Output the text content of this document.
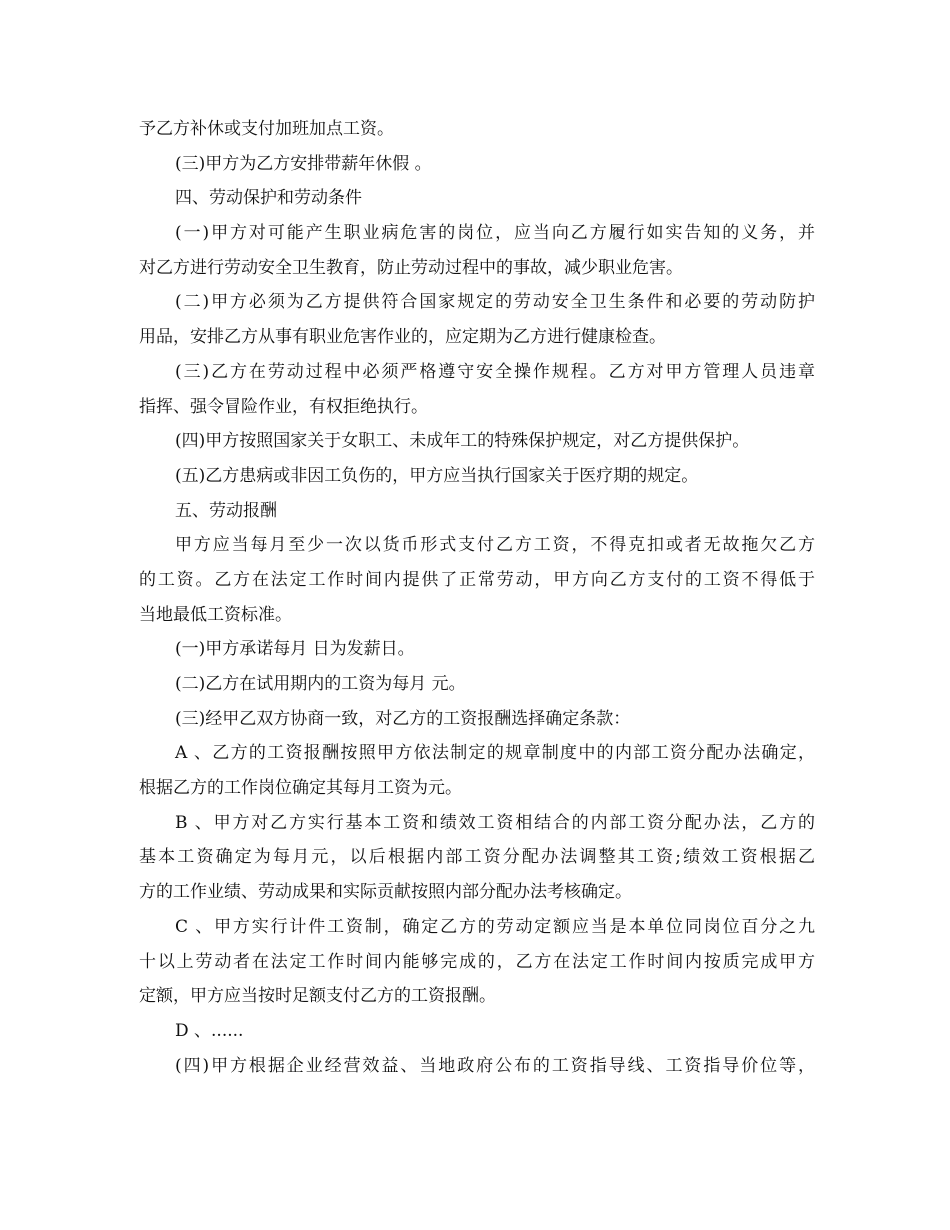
予乙方补休或支付加班加点工资。
(三)甲方为乙方安排带薪年休假 。
四、劳动保护和劳动条件
(一)甲方对可能产生职业病危害的岗位，应当向乙方履行如实告知的义务，并
对乙方进行劳动安全卫生教育，防止劳动过程中的事故，减少职业危害。
(二)甲方必须为乙方提供符合国家规定的劳动安全卫生条件和必要的劳动防护
用品，安排乙方从事有职业危害作业的，应定期为乙方进行健康检查。
(三)乙方在劳动过程中必须严格遵守安全操作规程。乙方对甲方管理人员违章
指挥、强令冒险作业，有权拒绝执行。
(四)甲方按照国家关于女职工、未成年工的特殊保护规定，对乙方提供保护。
(五)乙方患病或非因工负伤的，甲方应当执行国家关于医疗期的规定。
五、劳动报酬
甲方应当每月至少一次以货币形式支付乙方工资，不得克扣或者无故拖欠乙方
的工资。乙方在法定工作时间内提供了正常劳动，甲方向乙方支付的工资不得低于
当地最低工资标准。
(一)甲方承诺每月 日为发薪日。
(二)乙方在试用期内的工资为每月 元。
(三)经甲乙双方协商一致，对乙方的工资报酬选择确定条款：
A 、乙方的工资报酬按照甲方依法制定的规章制度中的内部工资分配办法确定，
根据乙方的工作岗位确定其每月工资为元。
B 、甲方对乙方实行基本工资和绩效工资相结合的内部工资分配办法，乙方的
基本工资确定为每月元，以后根据内部工资分配办法调整其工资;绩效工资根据乙
方的工作业绩、劳动成果和实际贡献按照内部分配办法考核确定。
C 、甲方实行计件工资制，确定乙方的劳动定额应当是本单位同岗位百分之九
十以上劳动者在法定工作时间内能够完成的，乙方在法定工作时间内按质完成甲方
定额，甲方应当按时足额支付乙方的工资报酬。
D 、......
(四)甲方根据企业经营效益、当地政府公布的工资指导线、工资指导价位等，
